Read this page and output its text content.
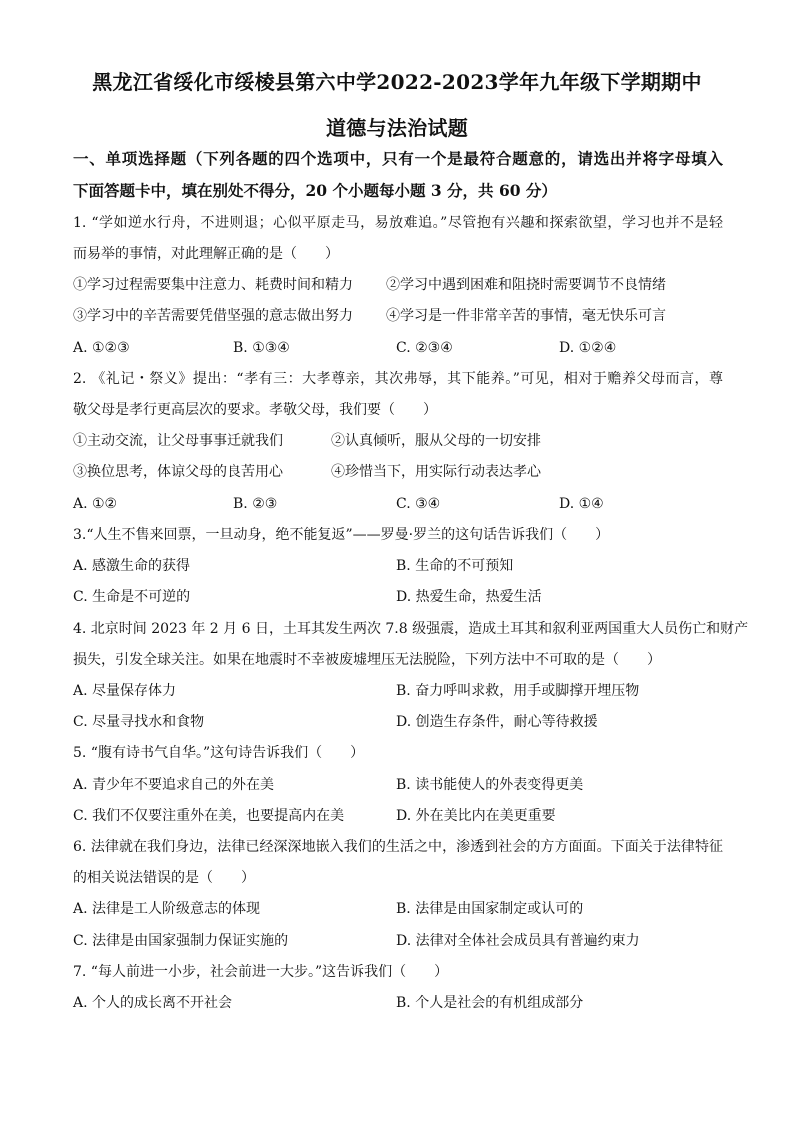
黑龙江省绥化市绥棱县第六中学2022-2023学年九年级下学期期中
道德与法治试题
一、单项选择题（下列各题的四个选项中，只有一个是最符合题意的，请选出并将字母填入
下面答题卡中，填在别处不得分，20 个小题每小题 3 分，共 60 分）
1. “学如逆水行舟，不进则退；心似平原走马，易放难追。”尽管抱有兴趣和探索欲望，学习也并不是轻
而易举的事情，对此理解正确的是（　　）
①学习过程需要集中注意力、耗费时间和精力 ②学习中遇到困难和阻挠时需要调节不良情绪
③学习中的辛苦需要凭借坚强的意志做出努力 ④学习是一件非常辛苦的事情，毫无快乐可言
A. ①②③	B. ①③④	C. ②③④	D. ①②④
2. 《礼记・祭义》提出：“孝有三：大孝尊亲，其次弗辱，其下能养。”可见，相对于赡养父母而言，尊
敬父母是孝行更高层次的要求。孝敬父母，我们要（　　）
①主动交流，让父母事事迁就我们	②认真倾听，服从父母的一切安排
③换位思考，体谅父母的良苦用心	④珍惜当下，用实际行动表达孝心
A. ①②	B. ②③	C. ③④	D. ①④
3.“人生不售来回票，一旦动身，绝不能复返”——罗曼·罗兰的这句话告诉我们（　　）
A. 感激生命的获得	B. 生命的不可预知
C. 生命是不可逆的	D. 热爱生命，热爱生活
4. 北京时间 2023 年 2 月 6 日，土耳其发生两次 7.8 级强震，造成土耳其和叙利亚两国重大人员伤亡和财产
损失，引发全球关注。如果在地震时不幸被废墟埋压无法脱险，下列方法中不可取的是（　　）
A. 尽量保存体力	B. 奋力呼叫求救，用手或脚撑开埋压物
C. 尽量寻找水和食物	D. 创造生存条件，耐心等待救援
5. “腹有诗书气自华。”这句诗告诉我们（　　）
A. 青少年不要追求自己的外在美	B. 读书能使人的外表变得更美
C. 我们不仅要注重外在美，也要提高内在美	D. 外在美比内在美更重要
6. 法律就在我们身边，法律已经深深地嵌入我们的生活之中，渗透到社会的方方面面。下面关于法律特征
的相关说法错误的是（　　）
A. 法律是工人阶级意志的体现	B. 法律是由国家制定或认可的
C. 法律是由国家强制力保证实施的	D. 法律对全体社会成员具有普遍约束力
7. “每人前进一小步，社会前进一大步。”这告诉我们（　　）
A. 个人的成长离不开社会	B. 个人是社会的有机组成部分
